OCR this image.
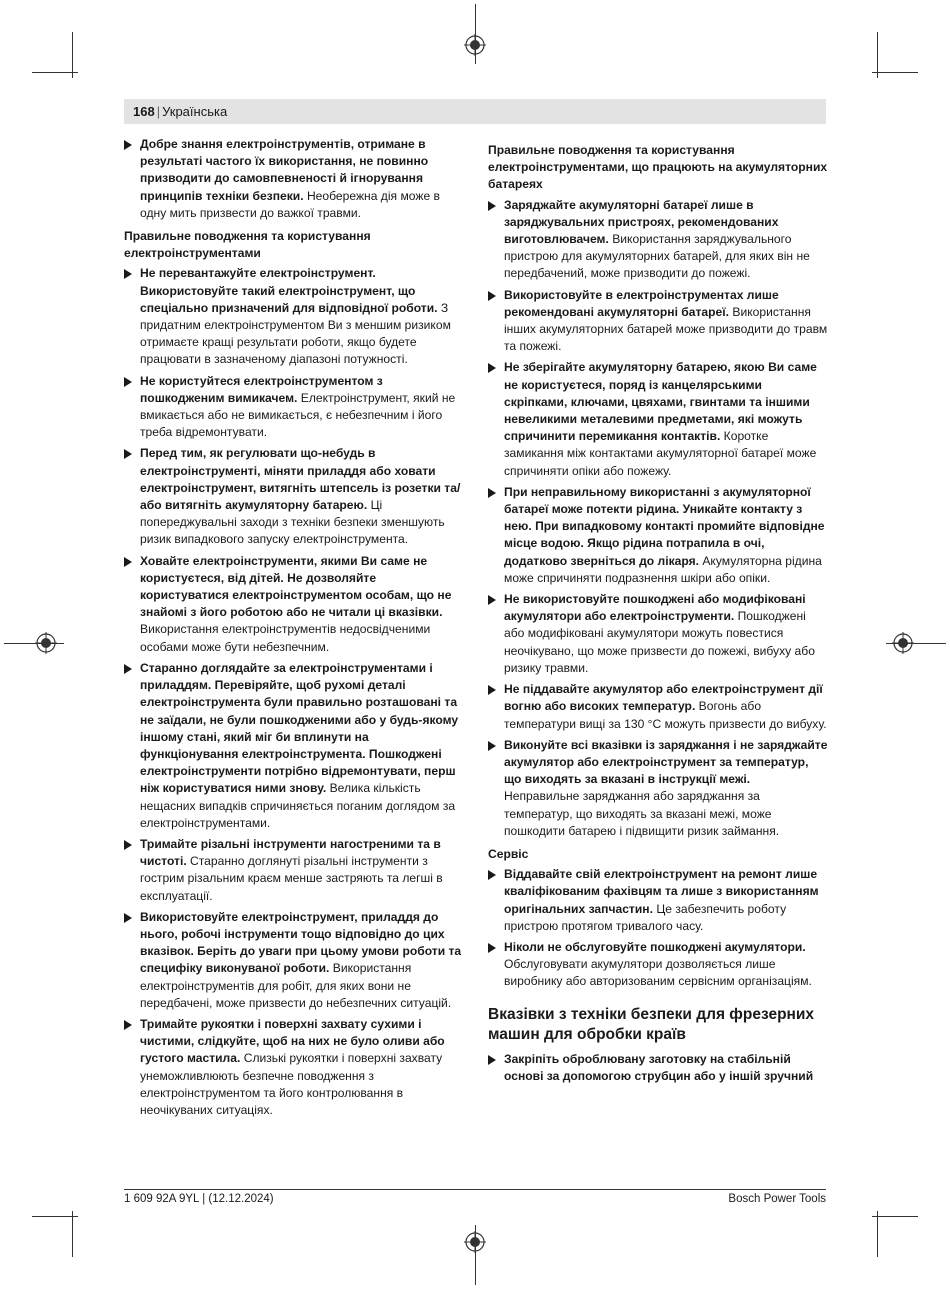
168 | Українська
Добре знання електроінструментів, отримане в результаті частого їх використання, не повинно призводити до самовпевненості й ігнорування принципів техніки безпеки. Необережна дія може в одну мить призвести до важкої травми.
Правильне поводження та користування електроінструментами
Не перевантажуйте електроінструмент. Використовуйте такий електроінструмент, що спеціально призначений для відповідної роботи. З придатним електроінструментом Ви з меншим ризиком отримаєте кращі результати роботи, якщо будете працювати в зазначеному діапазоні потужності.
Не користуйтеся електроінструментом з пошкодженим вимикачем. Електроінструмент, який не вмикається або не вимикається, є небезпечним і його треба відремонтувати.
Перед тим, як регулювати що-небудь в електроінструменті, міняти приладдя або ховати електроінструмент, витягніть штепсель із розетки та/або витягніть акумуляторну батарею. Ці попереджувальні заходи з техніки безпеки зменшують ризик випадкового запуску електроінструмента.
Ховайте електроінструменти, якими Ви саме не користуєтеся, від дітей. Не дозволяйте користуватися електроінструментом особам, що не знайомі з його роботою або не читали ці вказівки. Використання електроінструментів недосвідченими особами може бути небезпечним.
Старанно доглядайте за електроінструментами і приладдям. Перевіряйте, щоб рухомі деталі електроінструмента були правильно розташовані та не заїдали, не були пошкодженими або у будь-якому іншому стані, який міг би вплинути на функціонування електроінструмента. Пошкоджені електроінструменти потрібно відремонтувати, перш ніж користуватися ними знову. Велика кількість нещасних випадків спричиняється поганим доглядом за електроінструментами.
Тримайте різальні інструменти нагостреними та в чистоті. Старанно доглянуті різальні інструменти з гострим різальним краєм менше застряють та легші в експлуатації.
Використовуйте електроінструмент, приладдя до нього, робочі інструменти тощо відповідно до цих вказівок. Беріть до уваги при цьому умови роботи та специфіку виконуваної роботи. Використання електроінструментів для робіт, для яких вони не передбачені, може призвести до небезпечних ситуацій.
Тримайте рукоятки і поверхні захвату сухими і чистими, слідкуйте, щоб на них не було оливи або густого мастила. Слизькі рукоятки і поверхні захвату унеможливлюють безпечне поводження з електроінструментом та його контролювання в неочікуваних ситуаціях.
Правильне поводження та користування електроінструментами, що працюють на акумуляторних батареях
Заряджайте акумуляторні батареї лише в заряджувальних пристроях, рекомендованих виготовлювачем. Використання заряджувального пристрою для акумуляторних батарей, для яких він не передбачений, може призводити до пожежі.
Використовуйте в електроінструментах лише рекомендовані акумуляторні батареї. Використання інших акумуляторних батарей може призводити до травм та пожежі.
Не зберігайте акумуляторну батарею, якою Ви саме не користуєтеся, поряд із канцелярськими скріпками, ключами, цвяхами, гвинтами та іншими невеликими металевими предметами, які можуть спричинити перемикання контактів. Коротке замикання між контактами акумуляторної батареї може спричиняти опіки або пожежу.
При неправильному використанні з акумуляторної батареї може потекти рідина. Уникайте контакту з нею. При випадковому контакті промийте відповідне місце водою. Якщо рідина потрапила в очі, додатково зверніться до лікаря. Акумуляторна рідина може спричиняти подразнення шкіри або опіки.
Не використовуйте пошкоджені або модифіковані акумулятори або електроінструменти. Пошкоджені або модифіковані акумулятори можуть повестися неочікувано, що може призвести до пожежі, вибуху або ризику травми.
Не піддавайте акумулятор або електроінструмент дії вогню або високих температур. Вогонь або температури вищі за 130 °C можуть призвести до вибуху.
Виконуйте всі вказівки із заряджання і не заряджайте акумулятор або електроінструмент за температур, що виходять за вказані в інструкції межі. Неправильне заряджання або заряджання за температур, що виходять за вказані межі, може пошкодити батарею і підвищити ризик займання.
Сервіс
Віддавайте свій електроінструмент на ремонт лише кваліфікованим фахівцям та лише з використанням оригінальних запчастин. Це забезпечить роботу пристрою протягом тривалого часу.
Ніколи не обслуговуйте пошкоджені акумулятори. Обслуговувати акумулятори дозволяється лише виробнику або авторизованим сервісним організаціям.
Вказівки з техніки безпеки для фрезерних машин для обробки країв
Закріпіть оброблювану заготовку на стабільній основі за допомогою струбцин або у іншій зручний
1 609 92A 9YL | (12.12.2024)	Bosch Power Tools
